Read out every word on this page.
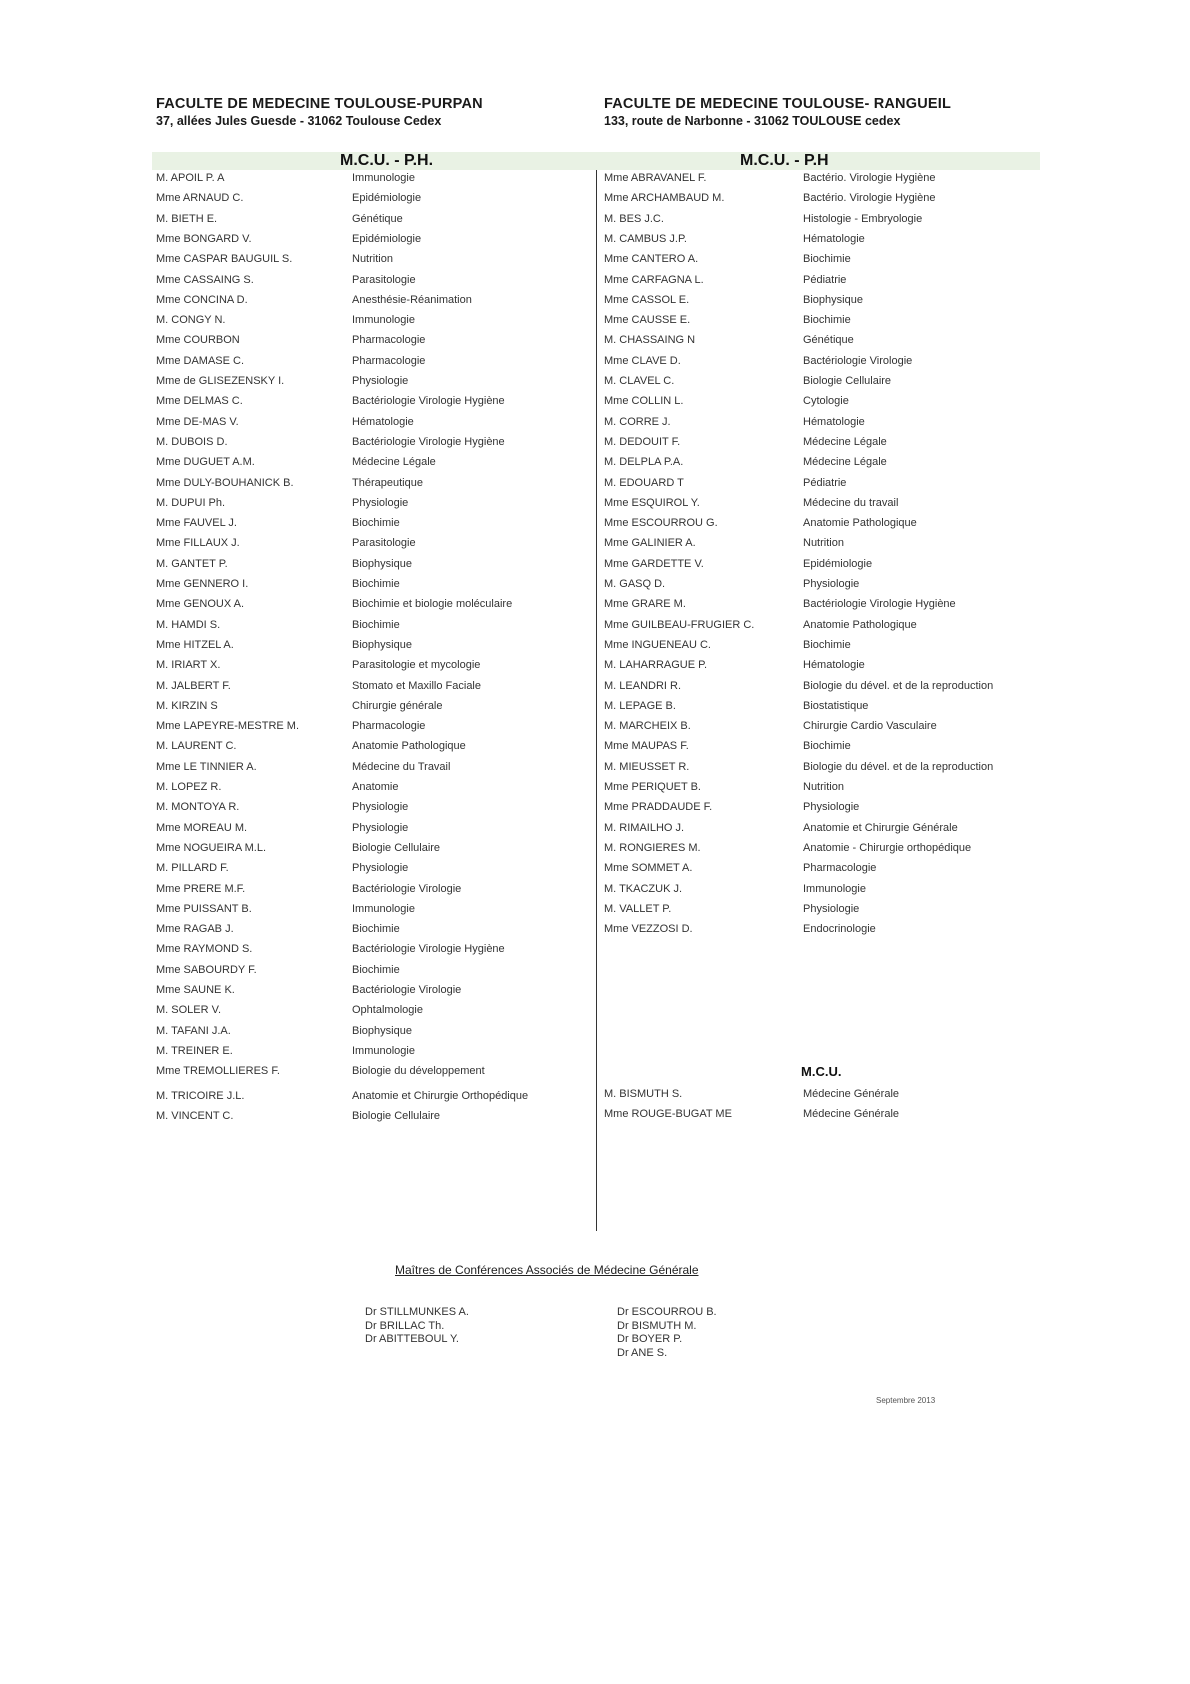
FACULTE DE MEDECINE TOULOUSE-PURPAN
37, allées Jules Guesde - 31062 Toulouse Cedex
FACULTE DE MEDECINE TOULOUSE- RANGUEIL
133, route de Narbonne - 31062 TOULOUSE cedex
M.C.U. - P.H.	M.C.U. - P.H
M. APOIL P. A	Immunologie
Mme ARNAUD C.	Epidémiologie
M. BIETH E.	Génétique
Mme BONGARD V.	Epidémiologie
Mme CASPAR BAUGUIL S.	Nutrition
Mme CASSAING S.	Parasitologie
Mme CONCINA D.	Anesthésie-Réanimation
M. CONGY N.	Immunologie
Mme COURBON	Pharmacologie
Mme DAMASE C.	Pharmacologie
Mme de GLISEZENSKY I.	Physiologie
Mme DELMAS C.	Bactériologie Virologie Hygiène
Mme DE-MAS V.	Hématologie
M. DUBOIS D.	Bactériologie Virologie Hygiène
Mme DUGUET A.M.	Médecine Légale
Mme DULY-BOUHANICK B.	Thérapeutique
M. DUPUI Ph.	Physiologie
Mme FAUVEL J.	Biochimie
Mme FILLAUX J.	Parasitologie
M. GANTET P.	Biophysique
Mme GENNERO I.	Biochimie
Mme GENOUX A.	Biochimie et biologie moléculaire
M. HAMDI S.	Biochimie
Mme HITZEL A.	Biophysique
M. IRIART X.	Parasitologie et mycologie
M. JALBERT F.	Stomato et Maxillo Faciale
M. KIRZIN S	Chirurgie générale
Mme LAPEYRE-MESTRE M.	Pharmacologie
M. LAURENT C.	Anatomie Pathologique
Mme LE TINNIER A.	Médecine du Travail
M. LOPEZ R.	Anatomie
M. MONTOYA R.	Physiologie
Mme MOREAU M.	Physiologie
Mme NOGUEIRA M.L.	Biologie Cellulaire
M. PILLARD F.	Physiologie
Mme PRERE M.F.	Bactériologie Virologie
Mme PUISSANT B.	Immunologie
Mme RAGAB J.	Biochimie
Mme RAYMOND S.	Bactériologie Virologie Hygiène
Mme SABOURDY F.	Biochimie
Mme SAUNE K.	Bactériologie Virologie
M. SOLER V.	Ophtalmologie
M. TAFANI J.A.	Biophysique
M. TREINER E.	Immunologie
Mme TREMOLLIERES F.	Biologie du développement
M. TRICOIRE J.L.	Anatomie et Chirurgie Orthopédique
M. VINCENT C.	Biologie Cellulaire
Mme ABRAVANEL F.	Bactério. Virologie Hygiène
Mme ARCHAMBAUD M.	Bactério. Virologie Hygiène
M. BES J.C.	Histologie - Embryologie
M. CAMBUS J.P.	Hématologie
Mme CANTERO A.	Biochimie
Mme CARFAGNA L.	Pédiatrie
Mme CASSOL E.	Biophysique
Mme CAUSSE E.	Biochimie
M. CHASSAING N	Génétique
Mme CLAVE D.	Bactériologie Virologie
M. CLAVEL C.	Biologie Cellulaire
Mme COLLIN L.	Cytologie
M. CORRE J.	Hématologie
M. DEDOUIT F.	Médecine Légale
M. DELPLA P.A.	Médecine Légale
M. EDOUARD T	Pédiatrie
Mme ESQUIROL Y.	Médecine du travail
Mme ESCOURROU G.	Anatomie Pathologique
Mme GALINIER A.	Nutrition
Mme GARDETTE V.	Epidémiologie
M. GASQ D.	Physiologie
Mme GRARE M.	Bactériologie Virologie Hygiène
Mme GUILBEAU-FRUGIER C.	Anatomie Pathologique
Mme INGUENEAU C.	Biochimie
M. LAHARRAGUE P.	Hématologie
M. LEANDRI R.	Biologie du dével. et de la reproduction
M. LEPAGE B.	Biostatistique
M. MARCHEIX B.	Chirurgie Cardio Vasculaire
Mme MAUPAS F.	Biochimie
M. MIEUSSET R.	Biologie du dével. et de la reproduction
Mme PERIQUET B.	Nutrition
Mme PRADDAUDE F.	Physiologie
M. RIMAILHO J.	Anatomie et Chirurgie Générale
M. RONGIERES M.	Anatomie - Chirurgie orthopédique
Mme SOMMET A.	Pharmacologie
M. TKACZUK J.	Immunologie
M. VALLET P.	Physiologie
Mme VEZZOSI D.	Endocrinologie
M.C.U.
M. BISMUTH S.	Médecine Générale
Mme ROUGE-BUGAT ME	Médecine Générale
Maîtres de Conférences Associés de Médecine Générale
Dr STILLMUNKES A.
Dr BRILLAC Th.
Dr ABITTEBOUL Y.
Dr ESCOURROU B.
Dr BISMUTH M.
Dr BOYER P.
Dr ANE S.
Septembre 2013
